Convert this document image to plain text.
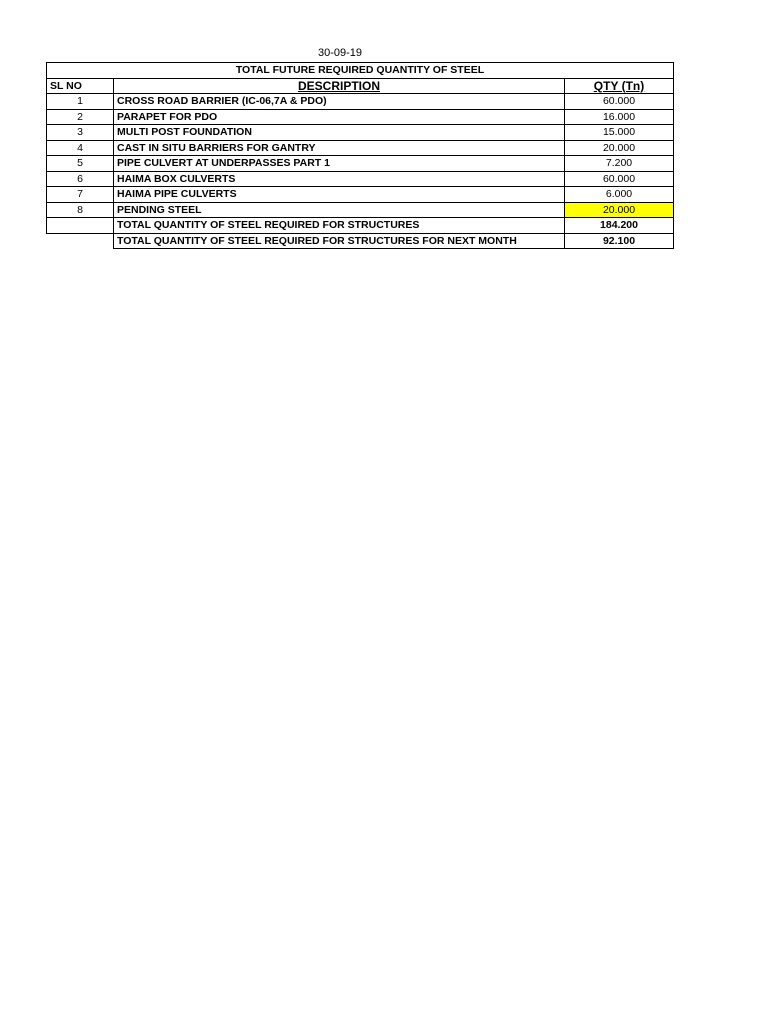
30-09-19
TOTAL FUTURE REQUIRED QUANTITY OF STEEL		
SL NO	DESCRIPTION	QTY (Tn)
1	CROSS ROAD BARRIER (IC-06,7A & PDO)	60.000
2	PARAPET FOR PDO	16.000
3	MULTI POST FOUNDATION	15.000
4	CAST IN SITU BARRIERS FOR GANTRY	20.000
5	PIPE CULVERT AT UNDERPASSES PART 1	7.200
6	HAIMA BOX CULVERTS	60.000
7	HAIMA PIPE CULVERTS	6.000
8	PENDING STEEL	20.000
	TOTAL QUANTITY OF STEEL REQUIRED FOR STRUCTURES	184.200
	TOTAL QUANTITY OF STEEL REQUIRED FOR STRUCTURES FOR NEXT MONTH	92.100
